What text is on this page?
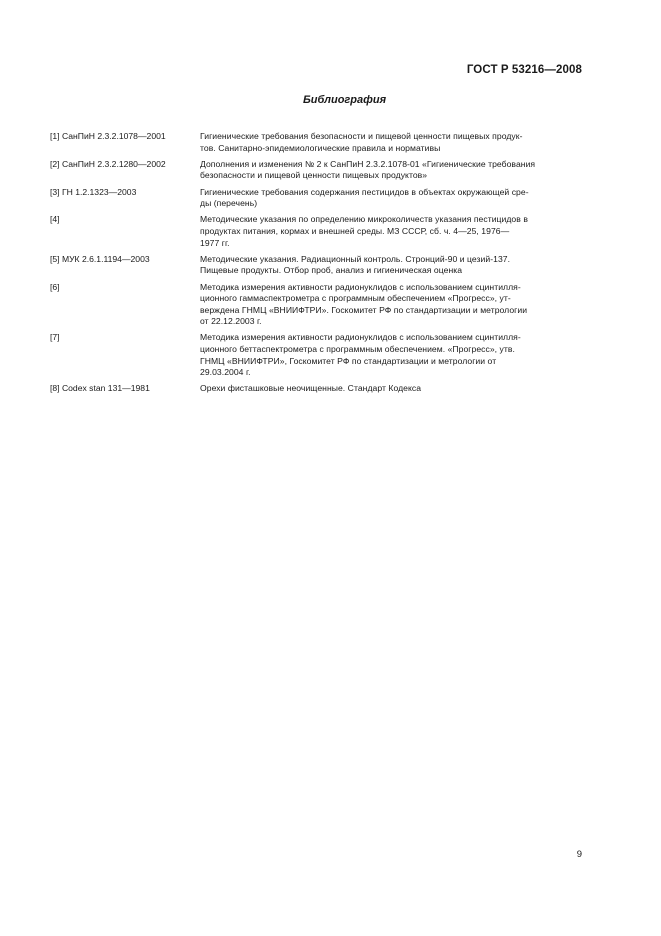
ГОСТ Р 53216—2008
Библиография
[1] СанПиН 2.3.2.1078—2001	Гигиенические требования безопасности и пищевой ценности пищевых продук-
тов. Санитарно-эпидемиологические правила и нормативы
[2] СанПиН 2.3.2.1280—2002	Дополнения и изменения № 2 к СанПиН 2.3.2.1078-01 «Гигиенические требования
безопасности и пищевой ценности пищевых продуктов»
[3] ГН 1.2.1323—2003	Гигиенические требования содержания пестицидов в объектах окружающей сре-
ды (перечень)
[4]	Методические указания по определению микроколичеств указания пестицидов в
продуктах питания, кормах и внешней среды. МЗ СССР, сб. ч. 4—25, 1976—
1977 гг.
[5] МУК 2.6.1.1194—2003	Методические указания. Радиационный контроль. Стронций-90 и цезий-137.
Пищевые продукты. Отбор проб, анализ и гигиеническая оценка
[6]	Методика измерения активности радионуклидов с использованием сцинтилля-
ционного гаммаспектрометра с программным обеспечением «Прогресс», ут-
верждена ГНМЦ «ВНИИФТРИ». Госкомитет РФ по стандартизации и метрологии
от 22.12.2003 г.
[7]	Методика измерения активности радионуклидов с использованием сцинтилля-
ционного беттаспектрометра с программным обеспечением. «Прогресс», утв.
ГНМЦ «ВНИИФТРИ», Госкомитет РФ по стандартизации и метрологии от
29.03.2004 г.
[8] Codex stan 131—1981	Орехи фисташковые неочищенные. Стандарт Кодекса
9
